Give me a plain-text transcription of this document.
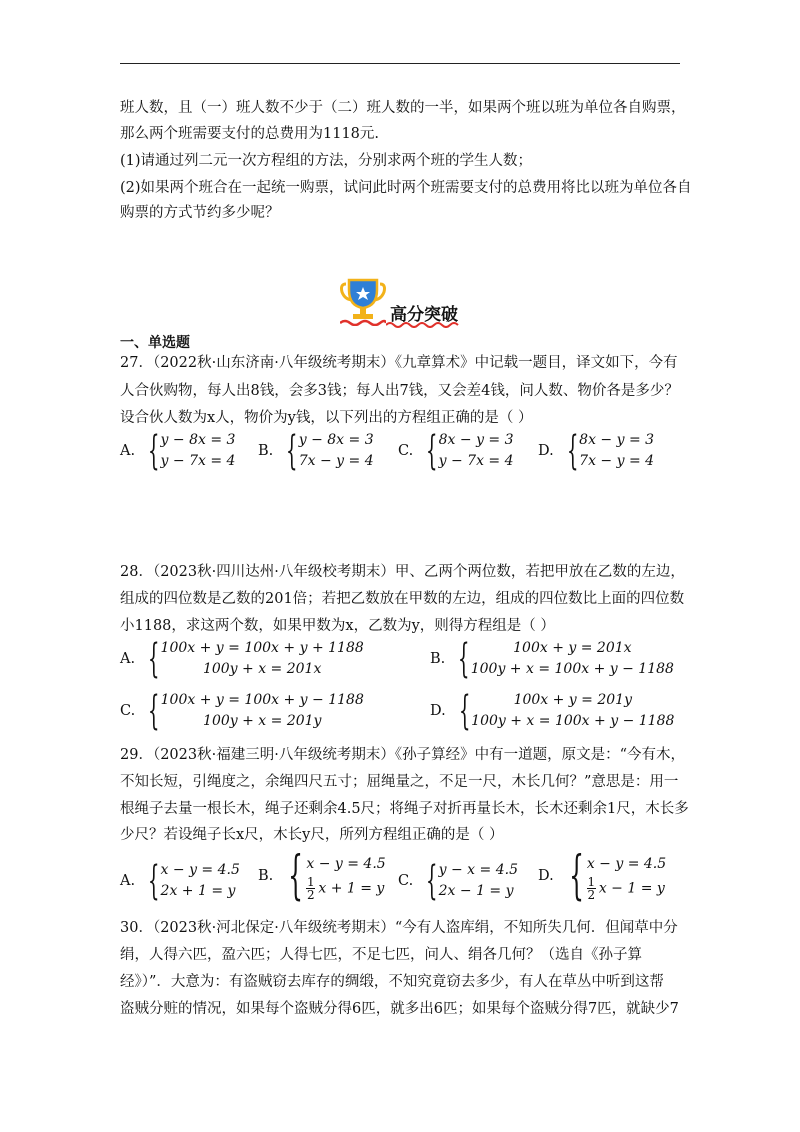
班人数，且（一）班人数不少于（二）班人数的一半，如果两个班以班为单位各自购票，
那么两个班需要支付的总费用为1118元.
(1)请通过列二元一次方程组的方法，分别求两个班的学生人数；
(2)如果两个班合在一起统一购票，试问此时两个班需要支付的总费用将比以班为单位各自
购票的方式节约多少呢？
高分突破
一、单选题
27．（2022秋·山东济南·八年级统考期末）《九章算术》中记载一题目，译文如下，今有
人合伙购物，每人出8钱，会多3钱；每人出7钱，又会差4钱，问人数、物价各是多少？
设合伙人数为x人，物价为y钱，以下列出的方程组正确的是（ ）
A. { y − 8x = 3
y − 7x = 4
B. { y − 8x = 3
7x − y = 4
C. { 8x − y = 3
y − 7x = 4
D. { 8x − y = 3
7x − y = 4
28．（2023秋·四川达州·八年级校考期末）甲、乙两个两位数，若把甲放在乙数的左边，
组成的四位数是乙数的201倍；若把乙数放在甲数的左边，组成的四位数比上面的四位数
小1188，求这两个数，如果甲数为x，乙数为y，则得方程组是（ ）
A. { 100x + y = 100x + y + 1188
100y + x = 201x
B. {	100x + y = 201x
100y + x = 100x + y − 1188
C. { 100x + y = 100x + y − 1188
100y + x = 201y
D. {	100x + y = 201y
100y + x = 100x + y − 1188
29．（2023秋·福建三明·八年级统考期末）《孙子算经》中有一道题，原文是：“今有木，
不知长短，引绳度之，余绳四尺五寸；屈绳量之，不足一尺，木长几何？”意思是：用一
根绳子去量一根长木，绳子还剩余4.5尺；将绳子对折再量长木，长木还剩余1尺，木长多
少尺？若设绳子长x尺，木长y尺，所列方程组正确的是（ ）
A. { x − y = 4.5
2x + 1 = y
B. { x − y = 4.5
$\frac{1}{2}$ x + 1 = y C. { y − x = 4.5
2x − 1 = y
D. { x − y = 4.5
$\frac{1}{2}$ x − 1 = y
30．（2023秋·河北保定·八年级统考期末）“今有人盗库绢，不知所失几何．但闻草中分
绢，人得六匹，盈六匹；人得七匹，不足七匹，问人、绢各几何？（选自《孙子算
经》）”．大意为：有盗贼窃去库存的绸缎，不知究竟窃去多少，有人在草丛中听到这帮
盗贼分赃的情况，如果每个盗贼分得6匹，就多出6匹；如果每个盗贼分得7匹，就缺少7
